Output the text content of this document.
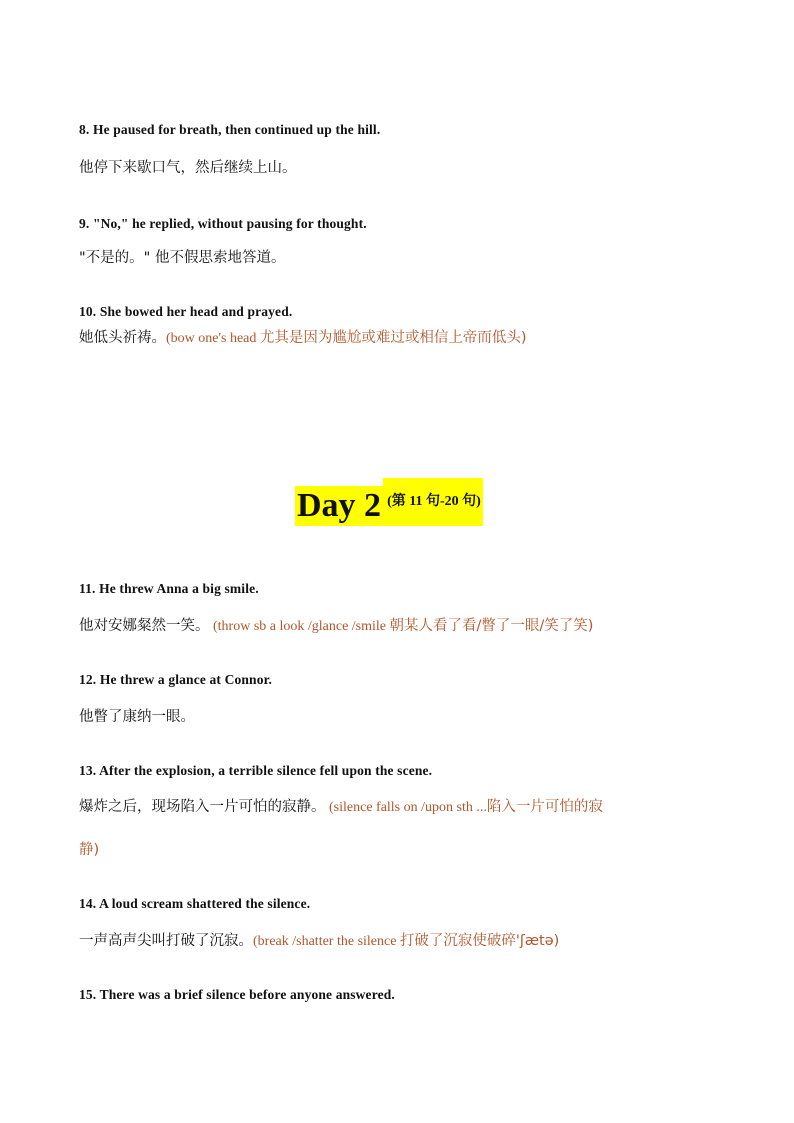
8. He paused for breath, then continued up the hill.
他停下来歇口气，然后继续上山。
9. "No," he replied, without pausing for thought.
"不是的。" 他不假思索地答道。
10. She bowed her head and prayed.
她低头祈祷。(bow one's head 尤其是因为尴尬或难过或相信上帝而低头)
Day 2 (第 11 句-20 句)
11. He threw Anna a big smile.
他对安娜粲然一笑。 (throw sb a look /glance /smile 朝某人看了看/瞥了一眼/笑了笑)
12. He threw a glance at Connor.
他瞥了康纳一眼。
13. After the explosion, a terrible silence fell upon the scene.
爆炸之后，现场陷入一片可怕的寂静。 (silence falls on /upon sth ...陷入一片可怕的寂
静)
14. A loud scream shattered the silence.
一声高声尖叫打破了沉寂。(break /shatter the silence 打破了沉寂使破碎'ʃætə)
15. There was a brief silence before anyone answered.
